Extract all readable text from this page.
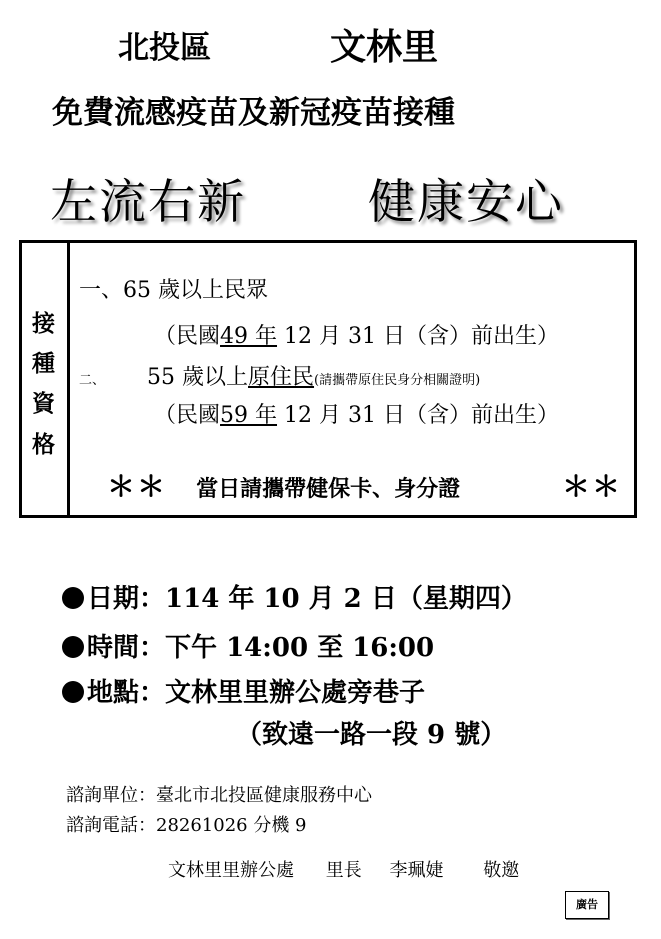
北投區	文林里
免費流感疫苗及新冠疫苗接種
左流右新	健康安心
接
種
資
格
一、65 歲以上民眾
（民國49 年 12 月 31 日（含）前出生）
二、 55 歲以上原住民(請攜帶原住民身分相關證明)
（民國59 年 12 月 31 日（含）前出生）
＊＊ 當日請攜帶健保卡、身分證	＊＊
日期：114 年 10 月 2 日（星期四）
時間：下午 14:00 至 16:00
地點：文林里里辦公處旁巷子
（致遠一路一段 9 號）
諮詢單位：臺北市北投區健康服務中心
諮詢電話：28261026 分機 9
文林里里辦公處 里長 李珮婕 敬邀
廣告
